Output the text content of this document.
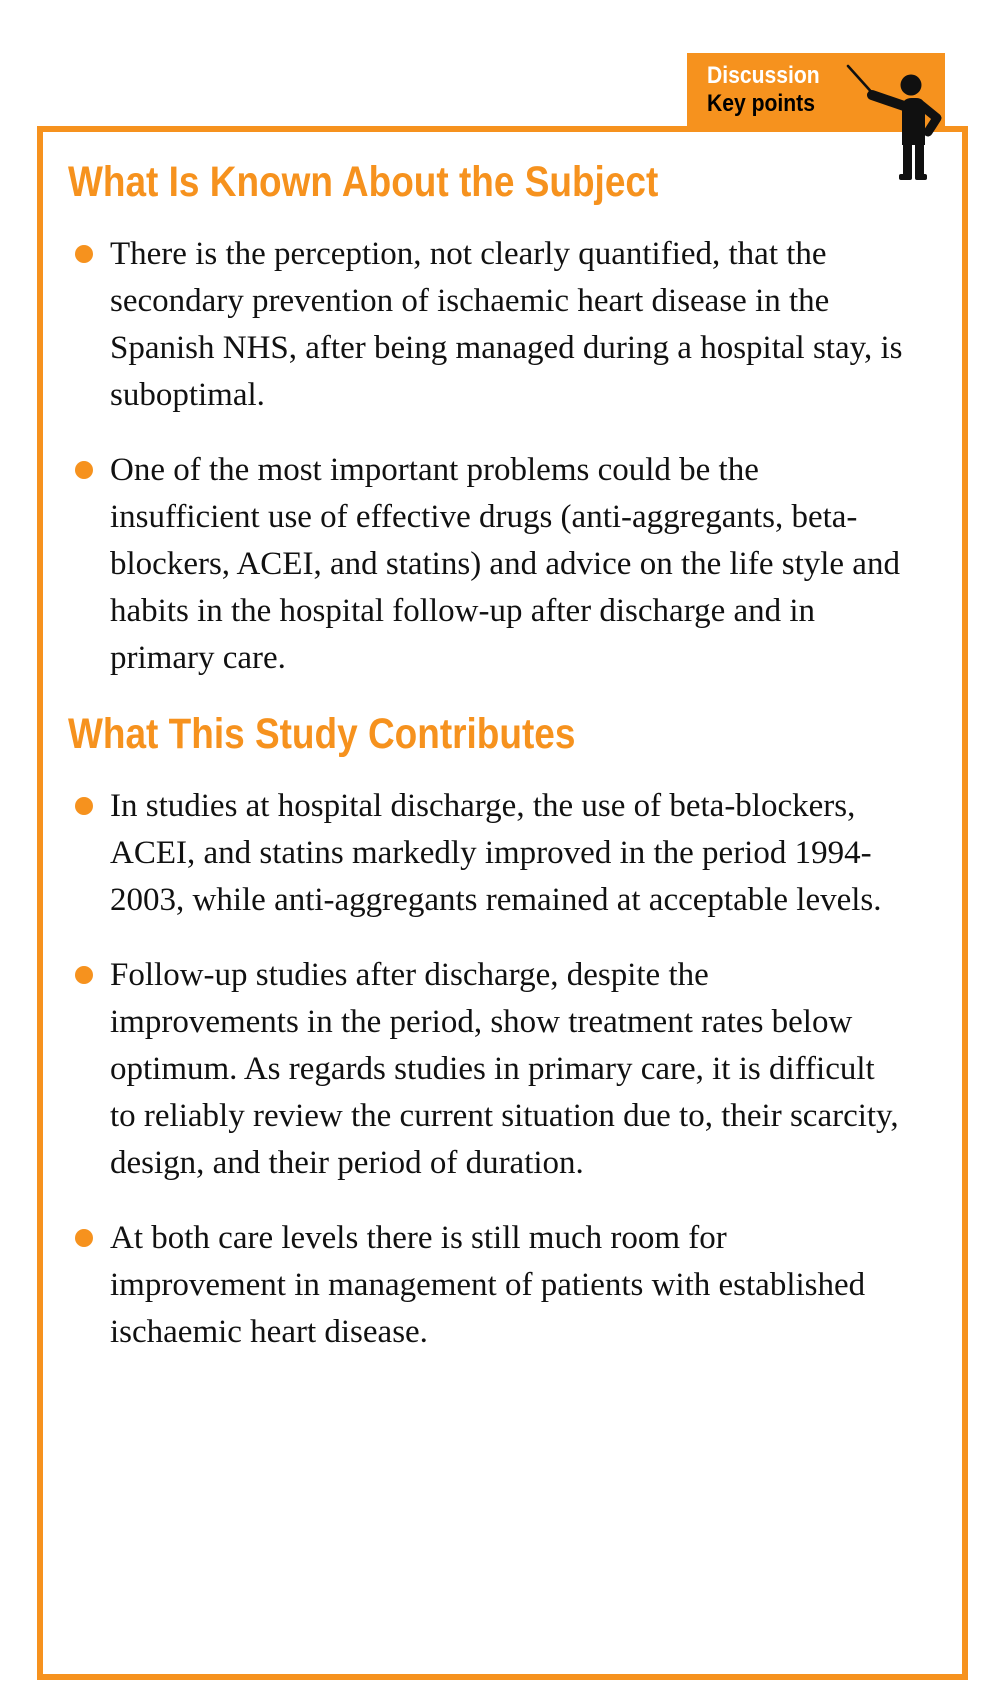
Discussion
Key points
What Is Known About the Subject
There is the perception, not clearly quantified, that the secondary prevention of ischaemic heart disease in the Spanish NHS, after being managed during a hospital stay, is suboptimal.
One of the most important problems could be the insufficient use of effective drugs (anti-aggregants, beta-blockers, ACEI, and statins) and advice on the life style and habits in the hospital follow-up after discharge and in primary care.
What This Study Contributes
In studies at hospital discharge, the use of beta-blockers, ACEI, and statins markedly improved in the period 1994-2003, while anti-aggregants remained at acceptable levels.
Follow-up studies after discharge, despite the improvements in the period, show treatment rates below optimum. As regards studies in primary care, it is difficult to reliably review the current situation due to, their scarcity, design, and their period of duration.
At both care levels there is still much room for improvement in management of patients with established ischaemic heart disease.
